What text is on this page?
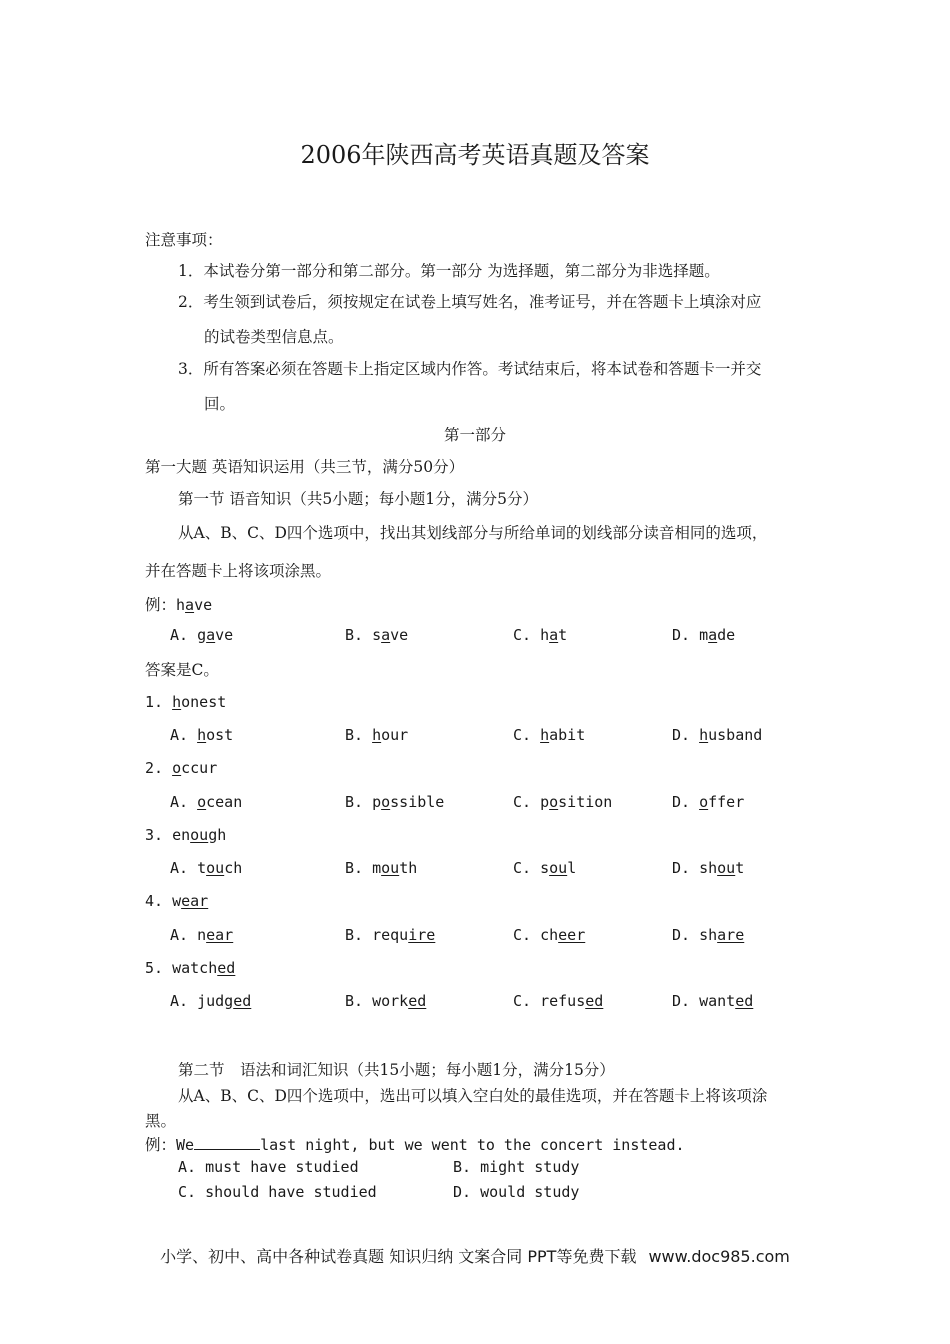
2006年陕西高考英语真题及答案
注意事项：
1．本试卷分第一部分和第二部分。第一部分 为选择题，第二部分为非选择题。
2．考生领到试卷后，须按规定在试卷上填写姓名，准考证号，并在答题卡上填涂对应
的试卷类型信息点。
3．所有答案必须在答题卡上指定区域内作答。考试结束后，将本试卷和答题卡一并交
回。
第一部分
第一大题 英语知识运用（共三节，满分50分）
第一节 语音知识（共5小题；每小题1分，满分5分）
从A、B、C、D四个选项中，找出其划线部分与所给单词的划线部分读音相同的选项，
并在答题卡上将该项涂黑。
例：have
A. gave	B. save	C. hat	D. made
答案是C。
1. honest
A. host	B. hour	C. habit	D. husband
2. occur
A. ocean	B. possible	C. position	D. offer
3. enough
A. touch	B. mouth	C. soul	D. shout
4. wear
A. near	B. require	C. cheer	D. share
5. watched
A. judged	B. worked	C. refused	D. wanted
第二节　语法和词汇知识（共15小题；每小题1分，满分15分）
从A、B、C、D四个选项中，选出可以填入空白处的最佳选项，并在答题卡上将该项涂
黑。
例：We	last night, but we went to the concert instead.
A. must have studied	B. might study
C. should have studied	D. would study
小学、初中、高中各种试卷真题 知识归纳 文案合同 PPT等免费下载 www.doc985.com
